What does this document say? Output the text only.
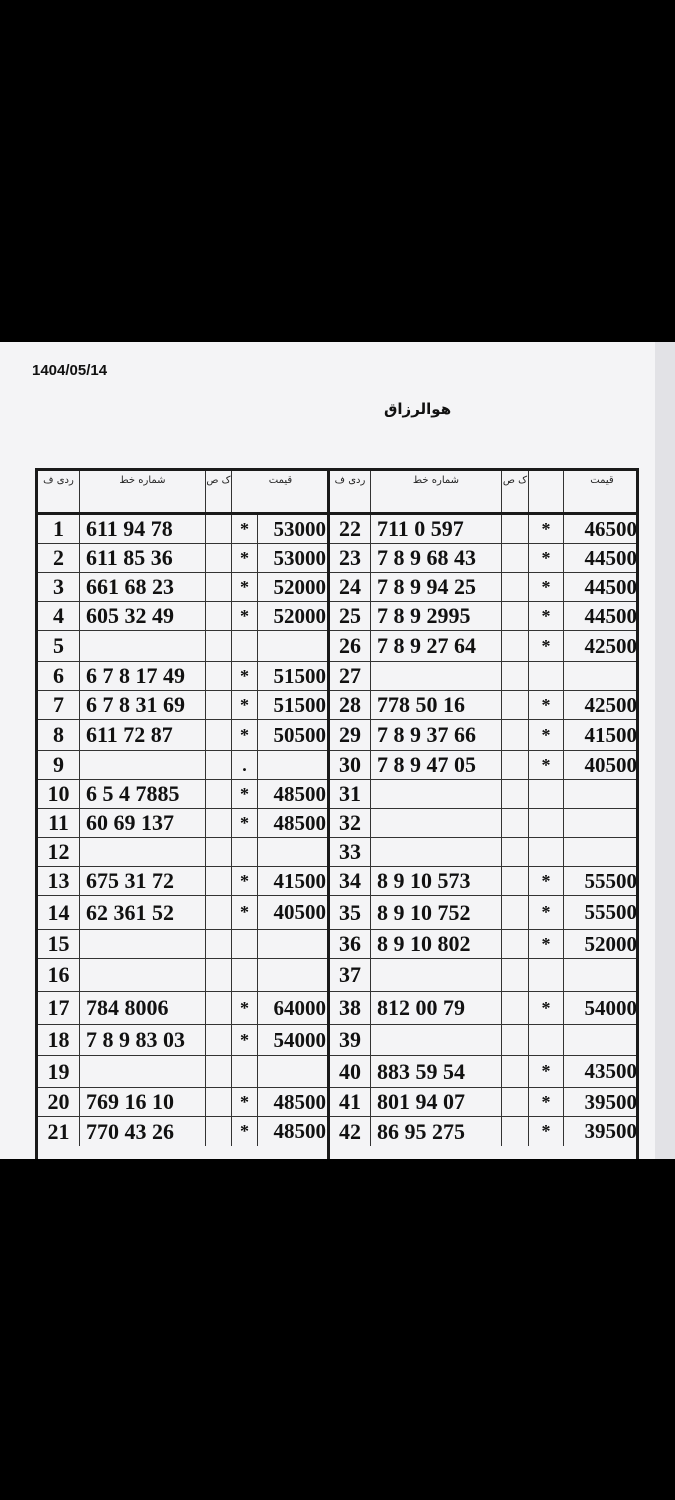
1404/05/14
هوالرزاق
ردی ف	شماره خط	ک ص	قیمت
1	611 94 78	*	53000
2	611 85 36	*	53000
3	661 68 23	*	52000
4	605 32 49	*	52000
5
6	6 7 8 17 49	*	51500
7	6 7 8 31 69	*	51500
8	611 72 87	*	50500
9	.
10 6 5 4 7885	*	48500
11 60 69 137	*	48500
12
13 675 31 72	*	41500
14 62 361 52	*	40500
15
16
17 784 8006	*	64000
18 7 8 9 83 03	*	54000
19
20 769 16 10	*	48500
21 770 43 26	*	48500
ردی ف	شماره خط	ک ص	قیمت
22 711 0 597	*	46500
23 7 8 9 68 43	*	44500
24 7 8 9 94 25	*	44500
25 7 8 9 2995	*	44500
26 7 8 9 27 64	*	42500
27
28 778 50 16	*	42500
29 7 8 9 37 66	*	41500
30 7 8 9 47 05	*	40500
31
32
33
34 8 9 10 573	*	55500
35 8 9 10 752	*	55500
36 8 9 10 802	*	52000
37
38 812 00 79	*	54000
39
40 883 59 54	*	43500
41 801 94 07	*	39500
42 86 95 275	*	39500
